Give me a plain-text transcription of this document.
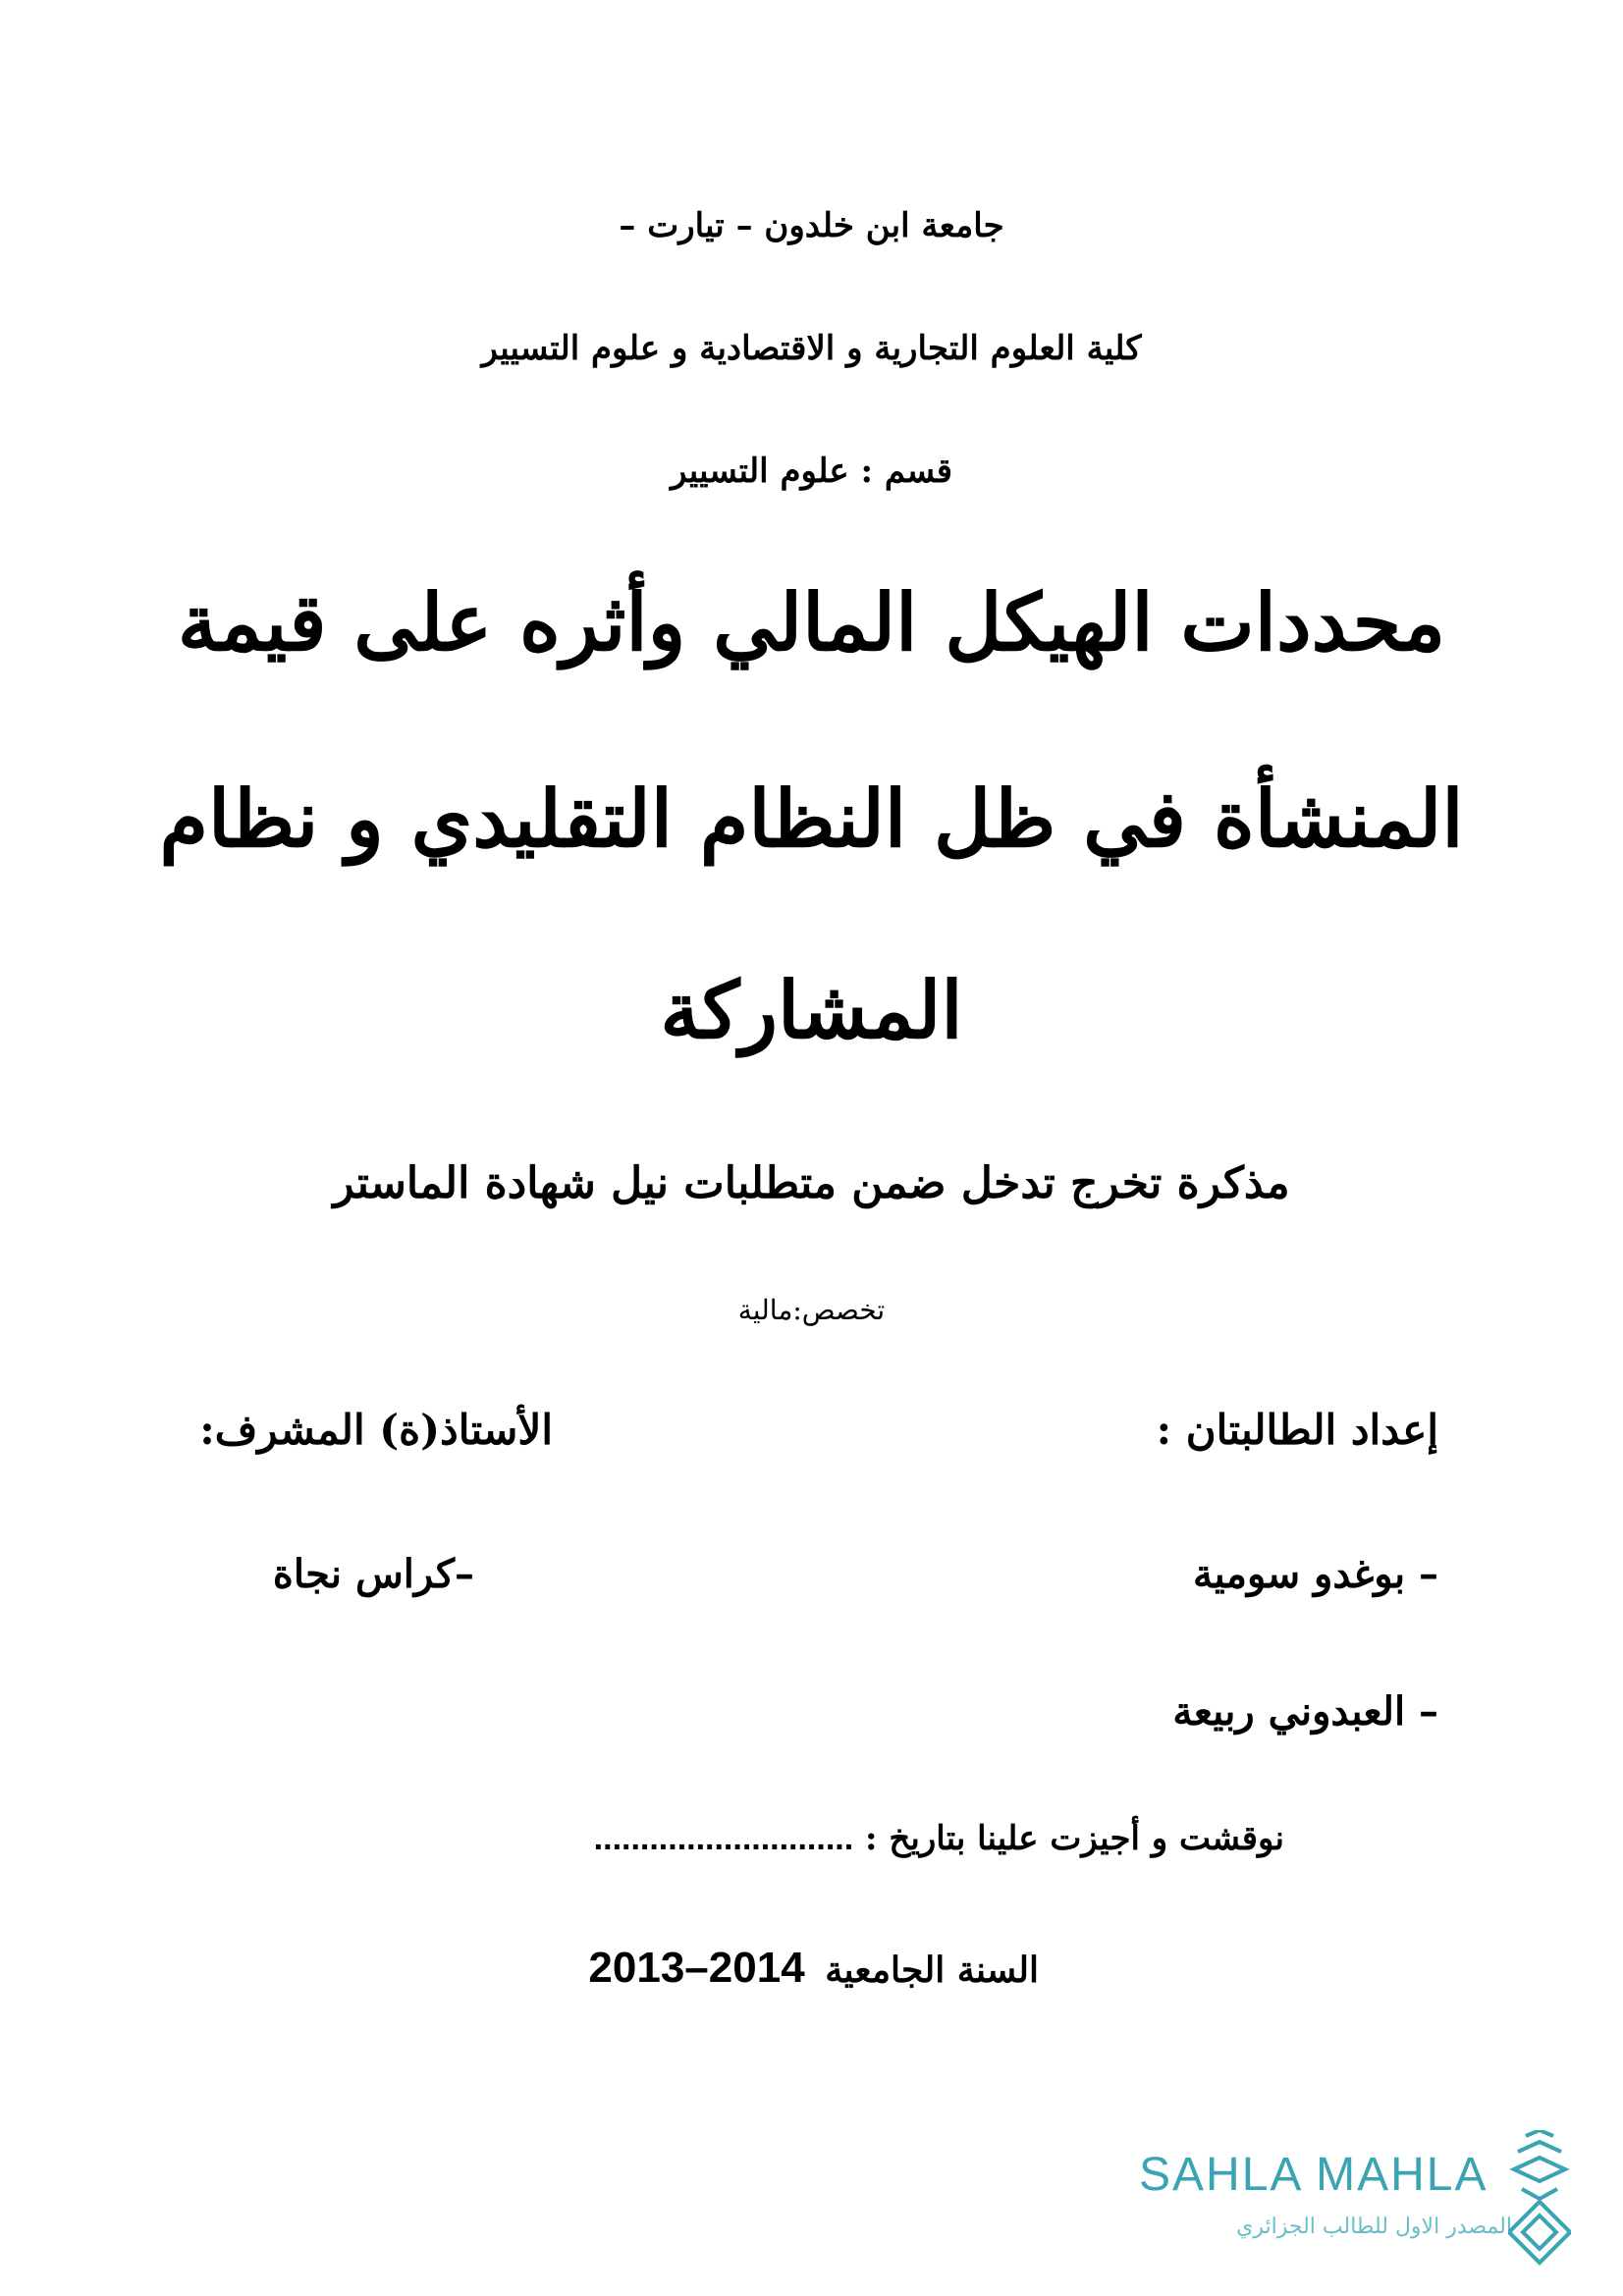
جامعة ابن خلدون – تيارت –
كلية العلوم التجارية و الاقتصادية و علوم التسيير
قسم : علوم التسيير
محددات الهيكل المالي وأثره على قيمة
المنشأة في ظل النظام التقليدي و نظام
المشاركة
مذكرة تخرج تدخل ضمن متطلبات نيل شهادة الماستر
تخصص:مالية
إعداد الطالبتان :
الأستاذ(ة) المشرف:
– بوغدو سومية
– العبدوني ربيعة
–كراس نجاة
نوقشت و أجيزت علينا بتاريخ : ............................
السنة الجامعية 2013–2014
SAHLA MAHLA
المصدر الاول للطالب الجزائري
